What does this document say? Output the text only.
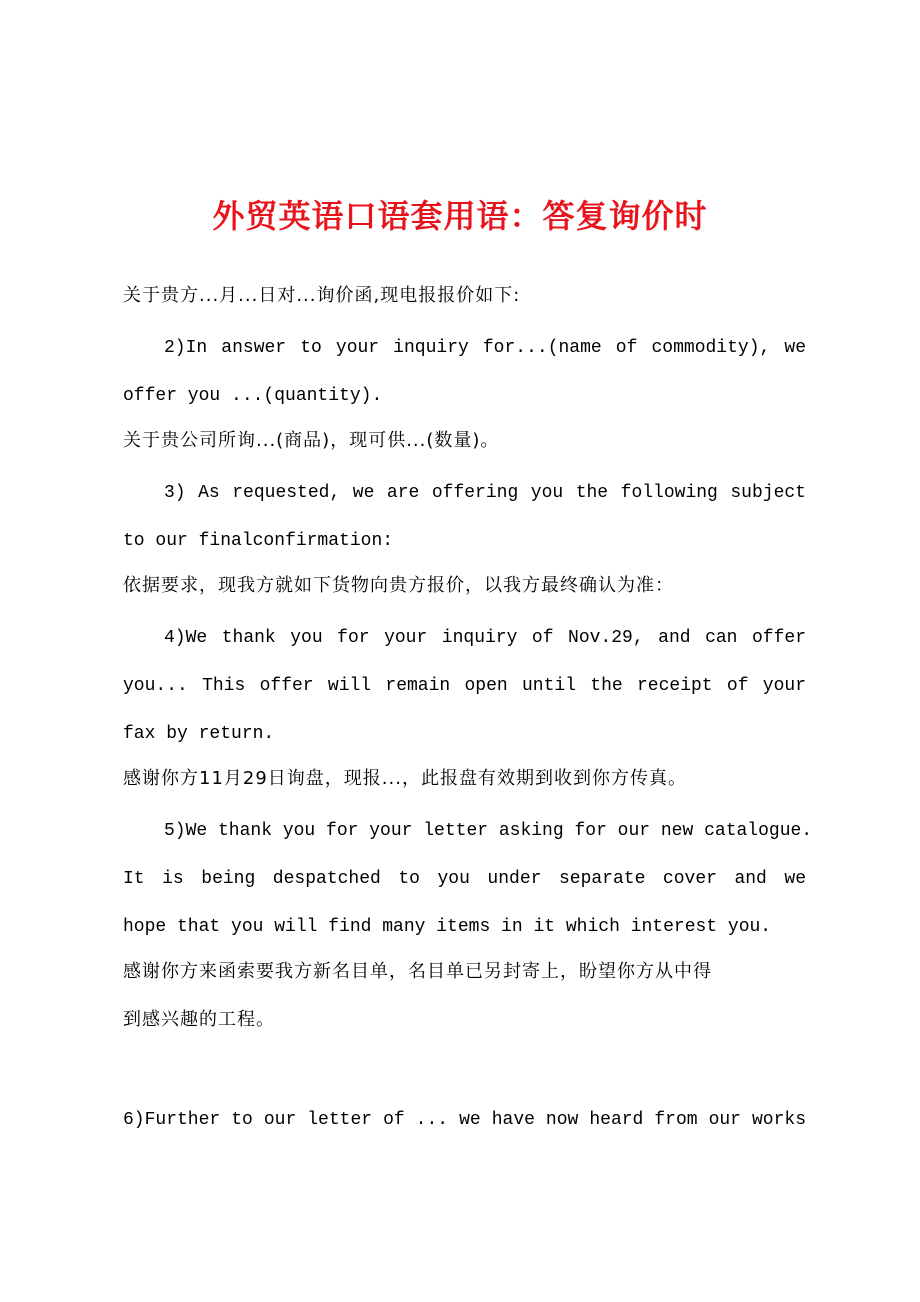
外贸英语口语套用语：答复询价时
关于贵方...月...日对...询价函,现电报报价如下:
2)In answer to your inquiry for...(name of commodity), we
offer you ...(quantity).
关于贵公司所询...(商品)，现可供...(数量)。
3) As requested, we are offering you the following subject
to our finalconfirmation:
依据要求，现我方就如下货物向贵方报价，以我方最终确认为准：
4)We thank you for your inquiry of Nov.29, and can offer
you... This offer will remain open until the receipt of your
fax by return.
感谢你方11月29日询盘，现报...，此报盘有效期到收到你方传真。
5)We thank you for your letter asking for our new catalogue.
It is being despatched to you under separate cover and we
hope that you will find many items in it which interest you.
感谢你方来函索要我方新名目单，名目单已另封寄上，盼望你方从中得
到感兴趣的工程。
6)Further to our letter of ... we have now heard from our works
